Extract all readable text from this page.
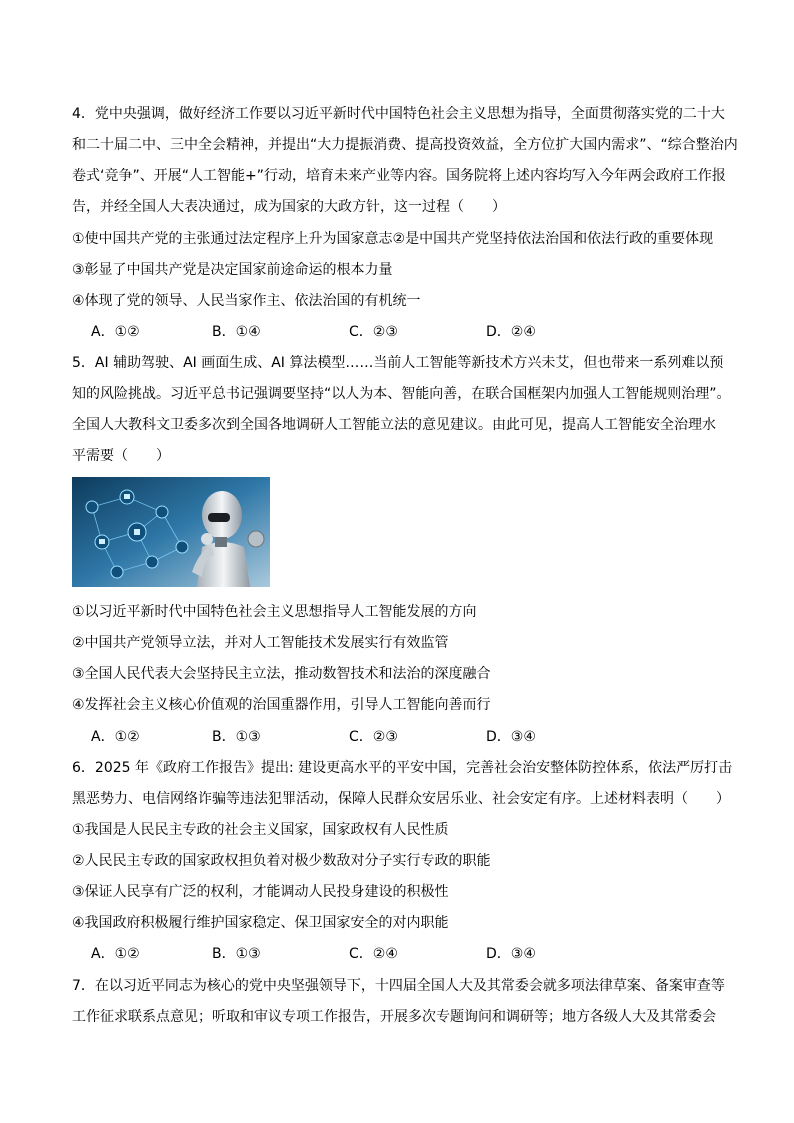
4．党中央强调，做好经济工作要以习近平新时代中国特色社会主义思想为指导，全面贯彻落实党的二十大
和二十届二中、三中全会精神，并提出“大力提振消费、提高投资效益，全方位扩大国内需求”、“综合整治内
卷式‘竞争”、开展“人工智能+”行动，培育未来产业等内容。国务院将上述内容均写入今年两会政府工作报
告，并经全国人大表决通过，成为国家的大政方针，这一过程（　　）
①使中国共产党的主张通过法定程序上升为国家意志②是中国共产党坚持依法治国和依法行政的重要体现
③彰显了中国共产党是决定国家前途命运的根本力量
④体现了党的领导、人民当家作主、依法治国的有机统一
A．①②	B．①④	C．②③	D．②④
5．AI 辅助驾驶、AI 画面生成、AI 算法模型……当前人工智能等新技术方兴未艾，但也带来一系列难以预
知的风险挑战。习近平总书记强调要坚持“以人为本、智能向善，在联合国框架内加强人工智能规则治理”。
全国人大教科文卫委多次到全国各地调研人工智能立法的意见建议。由此可见，提高人工智能安全治理水
平需要（　　）
①以习近平新时代中国特色社会主义思想指导人工智能发展的方向
②中国共产党领导立法，并对人工智能技术发展实行有效监管
③全国人民代表大会坚持民主立法，推动数智技术和法治的深度融合
④发挥社会主义核心价值观的治国重器作用，引导人工智能向善而行
A．①②	B．①③	C．②③	D．③④
6．2025 年《政府工作报告》提出: 建设更高水平的平安中国，完善社会治安整体防控体系，依法严厉打击
黑恶势力、电信网络诈骗等违法犯罪活动，保障人民群众安居乐业、社会安定有序。上述材料表明（　　）
①我国是人民民主专政的社会主义国家，国家政权有人民性质
②人民民主专政的国家政权担负着对极少数敌对分子实行专政的职能
③保证人民享有广泛的权利，才能调动人民投身建设的积极性
④我国政府积极履行维护国家稳定、保卫国家安全的对内职能
A．①②	B．①③	C．②④	D．③④
7．在以习近平同志为核心的党中央坚强领导下，十四届全国人大及其常委会就多项法律草案、备案审查等
工作征求联系点意见；听取和审议专项工作报告，开展多次专题询问和调研等；地方各级人大及其常委会
